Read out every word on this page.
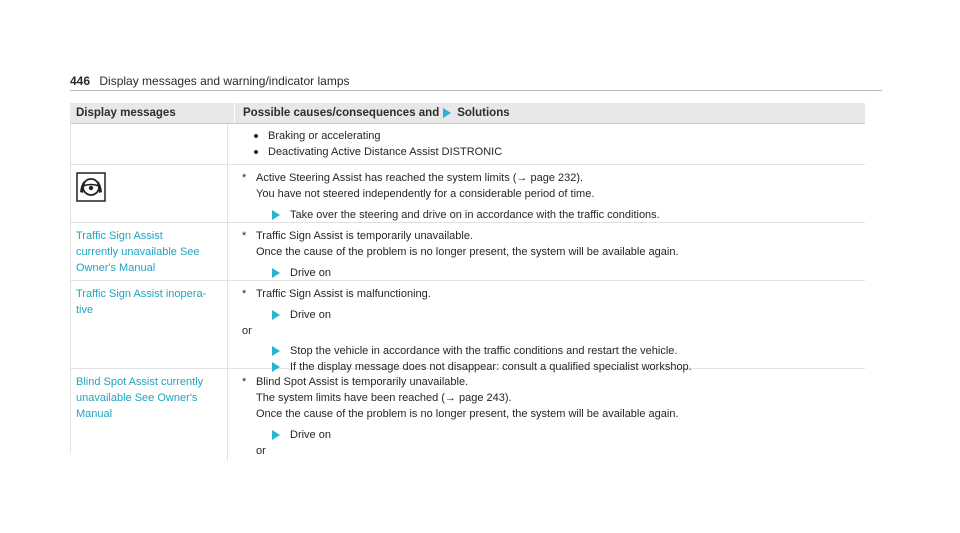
446 Display messages and warning/indicator lamps
Display messages	Possible causes/consequences and Solutions
Braking or accelerating
Deactivating Active Distance Assist DISTRONIC
* Active Steering Assist has reached the system limits (→ page 232).
You have not steered independently for a considerable period of time.
Take over the steering and drive on in accordance with the traffic conditions.
Traffic Sign Assist currently unavailable See Owner's Manual
* Traffic Sign Assist is temporarily unavailable.
Once the cause of the problem is no longer present, the system will be available again.
Drive on
Traffic Sign Assist inopera-tive
* Traffic Sign Assist is malfunctioning.
Drive on
or
Stop the vehicle in accordance with the traffic conditions and restart the vehicle.
If the display message does not disappear: consult a qualified specialist workshop.
Blind Spot Assist currently unavailable See Owner's Manual
* Blind Spot Assist is temporarily unavailable.
The system limits have been reached (→ page 243).
Once the cause of the problem is no longer present, the system will be available again.
Drive on
or
